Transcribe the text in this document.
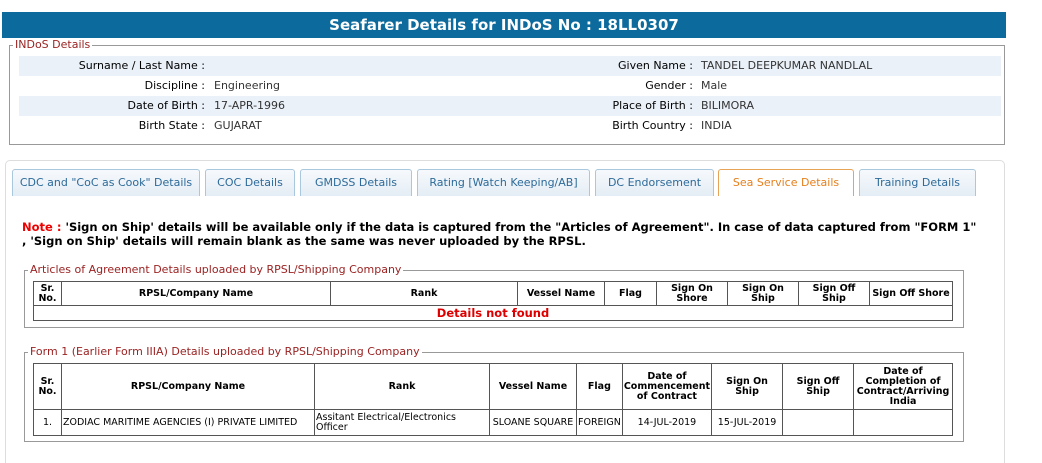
Seafarer Details for INDoS No : 18LL0307
INDoS Details
Surname / Last Name :	Given Name : TANDEL DEEPKUMAR NANDLAL
Discipline : Engineering	Gender : Male
Date of Birth : 17-APR-1996	Place of Birth : BILIMORA
Birth State : GUJARAT	Birth Country : INDIA
CDC and "CoC as Cook" Details	COC Details	GMDSS Details	Rating [Watch Keeping/AB]	DC Endorsement	Sea Service Details	Training Details
Note : 'Sign on Ship' details will be available only if the data is captured from the "Articles of Agreement". In case of data captured from "FORM 1" , 'Sign on Ship' details will remain blank as the same was never uploaded by the RPSL.
Articles of Agreement Details uploaded by RPSL/Shipping Company
Sr. No.	RPSL/Company Name	Rank	Vessel Name	Flag	Sign On Shore	Sign On Ship	Sign Off Ship	Sign Off Shore
Details not found
Form 1 (Earlier Form IIIA) Details uploaded by RPSL/Shipping Company
Sr. No.	RPSL/Company Name	Rank	Vessel Name	Flag	Date of Commencement of Contract	Sign On Ship	Sign Off Ship	Date of Completion of Contract/Arriving India
1.	ZODIAC MARITIME AGENCIES (I) PRIVATE LIMITED	Assitant Electrical/Electronics Officer	SLOANE SQUARE	FOREIGN	14-JUL-2019	15-JUL-2019		
